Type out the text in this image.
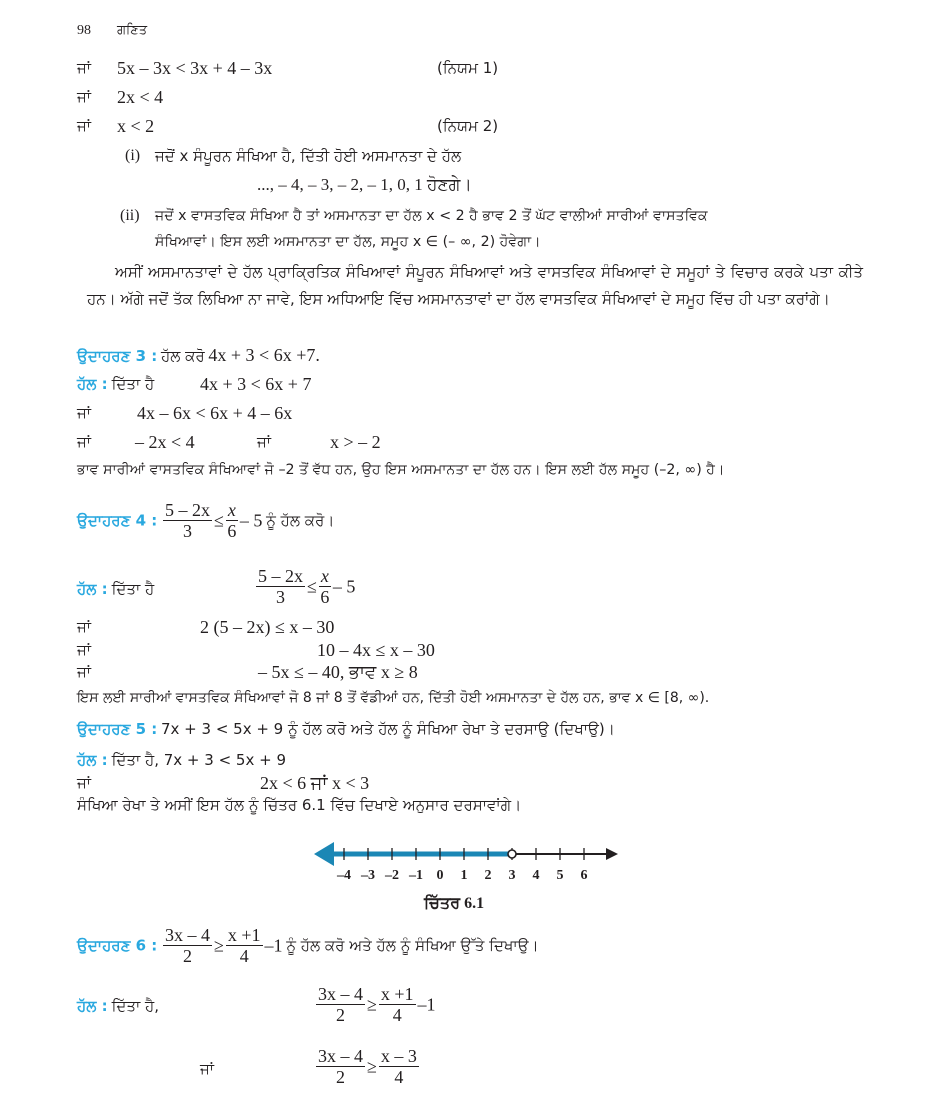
98 ਗਣਿਤ
ਜਾਂ 5x – 3x < 3x + 4 – 3x	(ਨਿਯਮ 1)
ਜਾਂ 2x < 4
ਜਾਂ x < 2	(ਨਿਯਮ 2)
(i) ਜਦੋਂ x ਸੰਪੂਰਨ ਸੰਖਿਆ ਹੈ, ਦਿੱਤੀ ਹੋਈ ਅਸਮਾਨਤਾ ਦੇ ਹੱਲ
..., – 4, – 3, – 2, – 1, 0, 1 ਹੋਣਗੇ।
(ii) ਜਦੋਂ x ਵਾਸਤਵਿਕ ਸੰਖਿਆ ਹੈ ਤਾਂ ਅਸਮਾਨਤਾ ਦਾ ਹੱਲ x < 2 ਹੈ ਭਾਵ 2 ਤੋਂ ਘੱਟ ਵਾਲੀਆਂ ਸਾਰੀਆਂ ਵਾਸਤਵਿਕ
ਸੰਖਿਆਵਾਂ। ਇਸ ਲਈ ਅਸਮਾਨਤਾ ਦਾ ਹੱਲ, ਸਮੂਹ x ∈ (– ∞, 2) ਹੋਵੇਗਾ।
ਅਸੀਂ ਅਸਮਾਨਤਾਵਾਂ ਦੇ ਹੱਲ ਪ੍ਰਾਕ੍ਰਿਤਿਕ ਸੰਖਿਆਵਾਂ ਸੰਪੂਰਨ ਸੰਖਿਆਵਾਂ ਅਤੇ ਵਾਸਤਵਿਕ ਸੰਖਿਆਵਾਂ ਦੇ ਸਮੂਹਾਂ ਤੇ ਵਿਚਾਰ ਕਰਕੇ ਪਤਾ ਕੀਤੇ ਹਨ। ਅੱਗੇ ਜਦੋਂ ਤੱਕ ਲਿਖਿਆ ਨਾ ਜਾਵੇ, ਇਸ ਅਧਿਆਇ ਵਿੱਚ ਅਸਮਾਨਤਾਵਾਂ ਦਾ ਹੱਲ ਵਾਸਤਵਿਕ ਸੰਖਿਆਵਾਂ ਦੇ ਸਮੂਹ ਵਿੱਚ ਹੀ ਪਤਾ ਕਰਾਂਗੇ।
ਉਦਾਹਰਣ 3 : ਹੱਲ ਕਰੋ 4x + 3 < 6x +7.
ਹੱਲ : ਦਿੱਤਾ ਹੈ	4x + 3 < 6x + 7
ਜਾਂ	4x – 6x < 6x + 4 – 6x
ਜਾਂ – 2x < 4	ਜਾਂ	x > – 2
ਭਾਵ ਸਾਰੀਆਂ ਵਾਸਤਵਿਕ ਸੰਖਿਆਵਾਂ ਜੋ –2 ਤੋਂ ਵੱਧ ਹਨ, ਉਹ ਇਸ ਅਸਮਾਨਤਾ ਦਾ ਹੱਲ ਹਨ। ਇਸ ਲਈ ਹੱਲ ਸਮੂਹ (–2, ∞) ਹੈ।
ਉਦਾਹਰਣ 4 : $\frac{5 - 2x}{3} \le \frac{x}{6} - 5$ ਨੂੰ ਹੱਲ ਕਰੋ।
ਹੱਲ : ਦਿੱਤਾ ਹੈ	$\frac{5 - 2x}{3} \le \frac{x}{6} - 5$
ਜਾਂ	2 (5 – 2x) ≤ x – 30
ਜਾਂ	10 – 4x ≤ x – 30
ਜਾਂ	– 5x ≤ – 40, ਭਾਵ x ≥ 8
ਇਸ ਲਈ ਸਾਰੀਆਂ ਵਾਸਤਵਿਕ ਸੰਖਿਆਵਾਂ ਜੋ 8 ਜਾਂ 8 ਤੋਂ ਵੱਡੀਆਂ ਹਨ, ਦਿੱਤੀ ਹੋਈ ਅਸਮਾਨਤਾ ਦੇ ਹੱਲ ਹਨ, ਭਾਵ x ∈ [8, ∞).
ਉਦਾਹਰਣ 5 : 7x + 3 < 5x + 9 ਨੂੰ ਹੱਲ ਕਰੋ ਅਤੇ ਹੱਲ ਨੂੰ ਸੰਖਿਆ ਰੇਖਾ ਤੇ ਦਰਸਾਉ (ਦਿਖਾਉ)।
ਹੱਲ : ਦਿੱਤਾ ਹੈ, 7x + 3 < 5x + 9
ਜਾਂ	2x < 6 ਜਾਂ x < 3
ਸੰਖਿਆ ਰੇਖਾ ਤੇ ਅਸੀਂ ਇਸ ਹੱਲ ਨੂੰ ਚਿੱਤਰ 6.1 ਵਿੱਚ ਦਿਖਾਏ ਅਨੁਸਾਰ ਦਰਸਾਵਾਂਗੇ।
–4 –3 –2 –1 0	1	2	3	4	5	6
ਚਿੱਤਰ 6.1
ਉਦਾਹਰਣ 6 : $\frac{3x - 4}{2} \ge \frac{x +1}{4} -1$ ਨੂੰ ਹੱਲ ਕਰੋ ਅਤੇ ਹੱਲ ਨੂੰ ਸੰਖਿਆ ਉੱਤੇ ਦਿਖਾਉ।
ਹੱਲ : ਦਿੱਤਾ ਹੈ,	$\frac{3x - 4}{2} \ge \frac{x +1}{4} -1$
ਜਾਂ	$\frac{3x - 4}{2} \ge \frac{x - 3}{4}$
